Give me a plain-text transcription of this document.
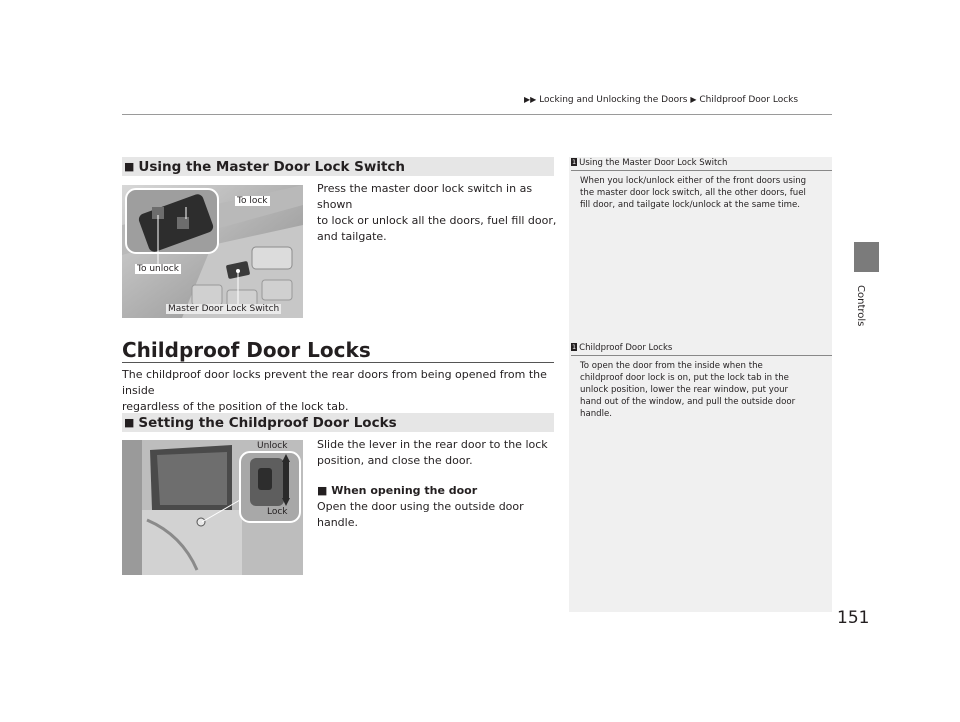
▶▶ Locking and Unlocking the Doors ▶ Childproof Door Locks
Controls
■ Using the Master Door Lock Switch
To lock
To unlock
Master Door Lock Switch
Press the master door lock switch in as shown
to lock or unlock all the doors, fuel fill door,
and tailgate.
1 Using the Master Door Lock Switch
When you lock/unlock either of the front doors using
the master door lock switch, all the other doors, fuel
fill door, and tailgate lock/unlock at the same time.
Childproof Door Locks
The childproof door locks prevent the rear doors from being opened from the inside
regardless of the position of the lock tab.
1 Childproof Door Locks
To open the door from the inside when the
childproof door lock is on, put the lock tab in the
unlock position, lower the rear window, put your
hand out of the window, and pull the outside door
handle.
■ Setting the Childproof Door Locks
Unlock
Lock
Slide the lever in the rear door to the lock
position, and close the door.
■ When opening the door
Open the door using the outside door handle.
151
